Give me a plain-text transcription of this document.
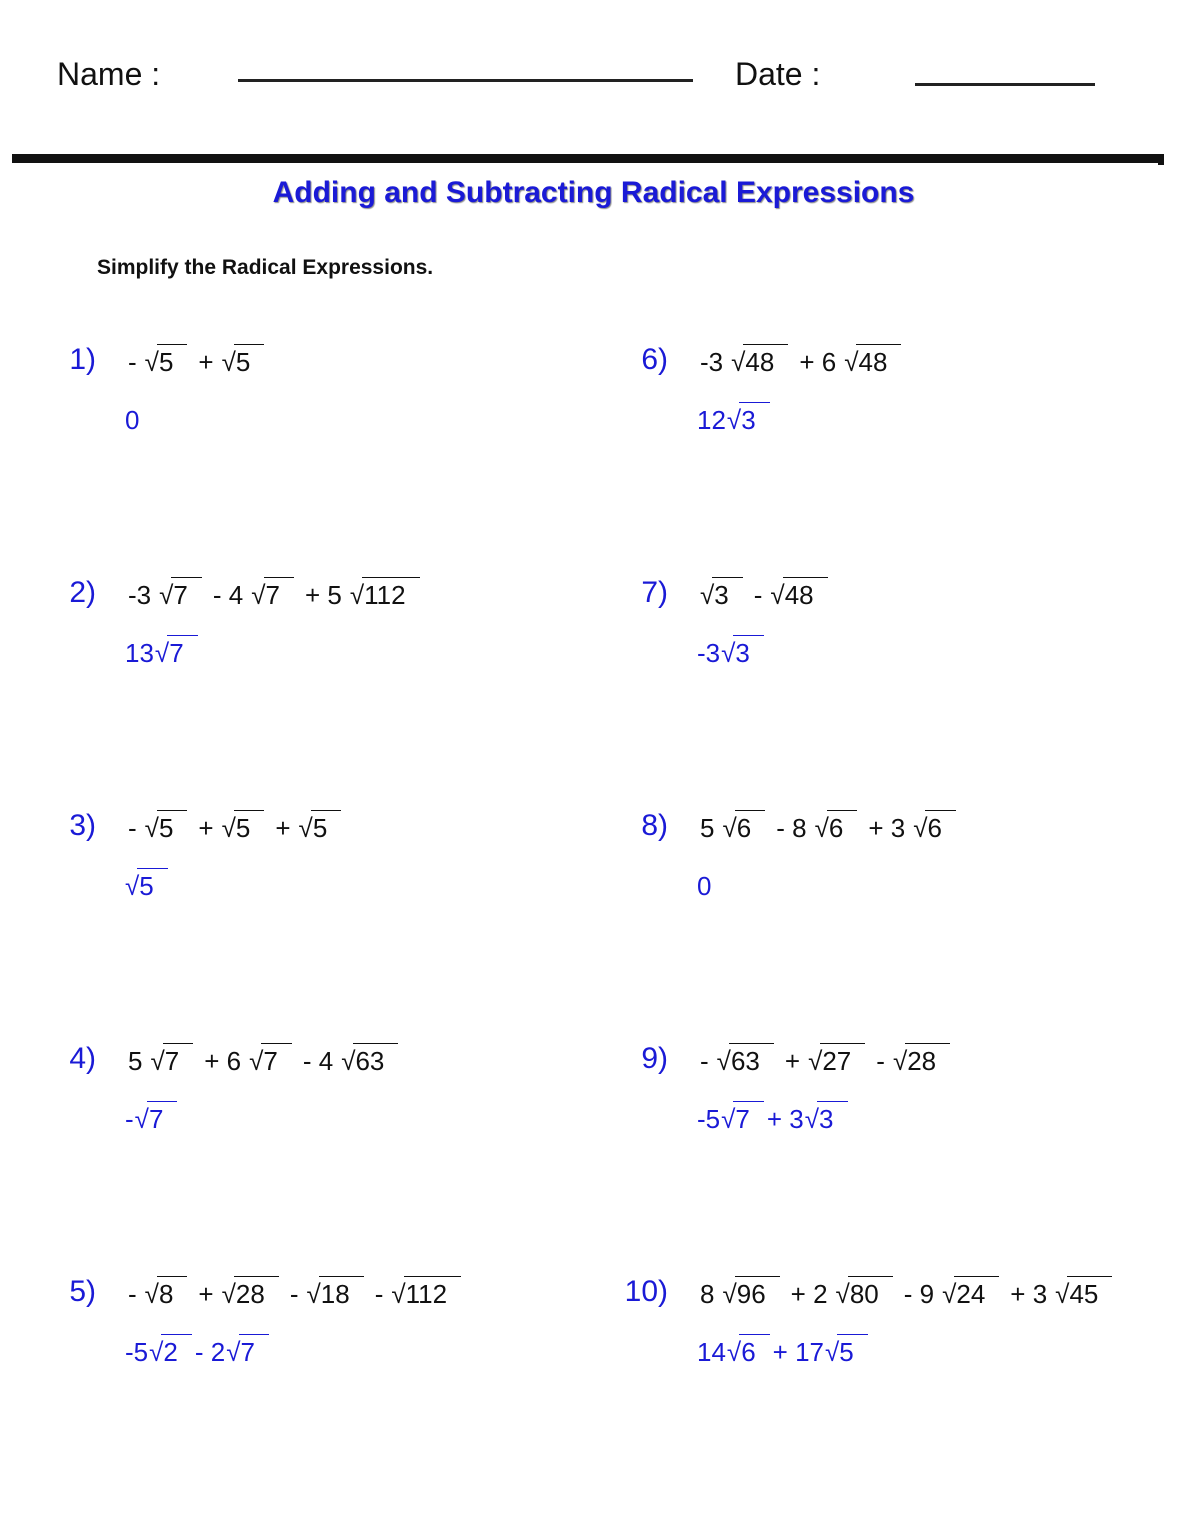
Name :	Date :
Adding and Subtracting Radical Expressions
Simplify the Radical Expressions.
1) - √5 + √5
0
2) -3 √7 - 4 √7 + 5 √112
13 √7
3) - √5 + √5 + √5
√5
4) 5 √7 + 6 √7 - 4 √63
- √7
5) - √8 + √28 - √18 - √112
-5 √2 - 2 √7
6) -3 √48 + 6 √48
12 √3
7) √3 - √48
-3 √3
8) 5 √6 - 8 √6 + 3 √6
0
9) - √63 + √27 - √28
-5 √7 + 3 √3
10) 8 √96 + 2 √80 - 9 √24 + 3 √45
14 √6 + 17 √5
